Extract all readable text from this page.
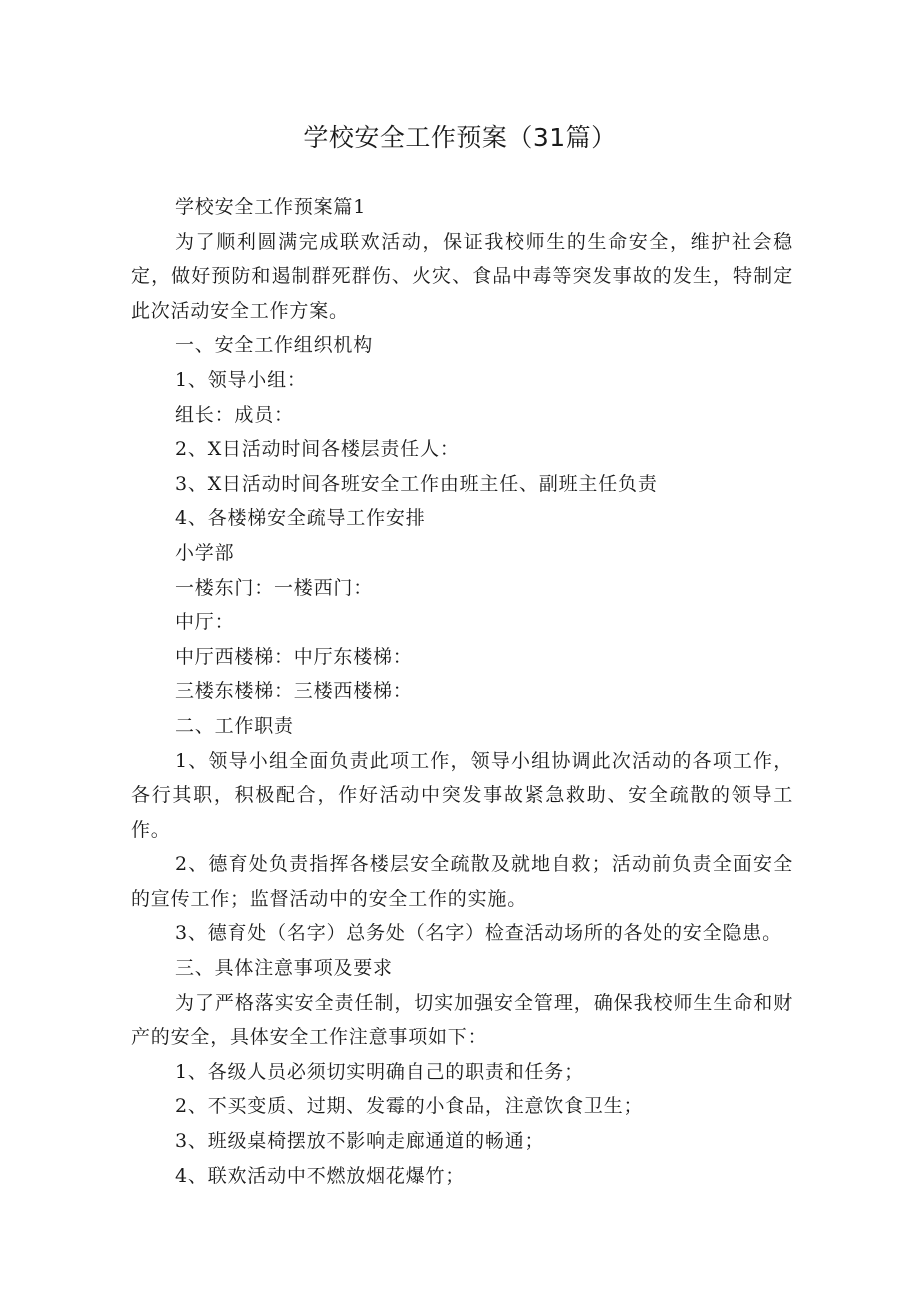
学校安全工作预案（31篇）

学校安全工作预案篇1

为了顺利圆满完成联欢活动，保证我校师生的生命安全，维护社会稳定，做好预防和遏制群死群伤、火灾、食品中毒等突发事故的发生，特制定此次活动安全工作方案。

一、安全工作组织机构

1、领导小组：

组长：成员：

2、X日活动时间各楼层责任人：

3、X日活动时间各班安全工作由班主任、副班主任负责

4、各楼梯安全疏导工作安排

小学部

一楼东门：一楼西门：

中厅：

中厅西楼梯：中厅东楼梯：

三楼东楼梯：三楼西楼梯：

二、工作职责

1、领导小组全面负责此项工作，领导小组协调此次活动的各项工作，各行其职，积极配合，作好活动中突发事故紧急救助、安全疏散的领导工作。

2、德育处负责指挥各楼层安全疏散及就地自救；活动前负责全面安全的宣传工作；监督活动中的安全工作的实施。

3、德育处（名字）总务处（名字）检查活动场所的各处的安全隐患。

三、具体注意事项及要求

为了严格落实安全责任制，切实加强安全管理，确保我校师生生命和财产的安全，具体安全工作注意事项如下：

1、各级人员必须切实明确自己的职责和任务；

2、不买变质、过期、发霉的小食品，注意饮食卫生；

3、班级桌椅摆放不影响走廊通道的畅通；

4、联欢活动中不燃放烟花爆竹；
